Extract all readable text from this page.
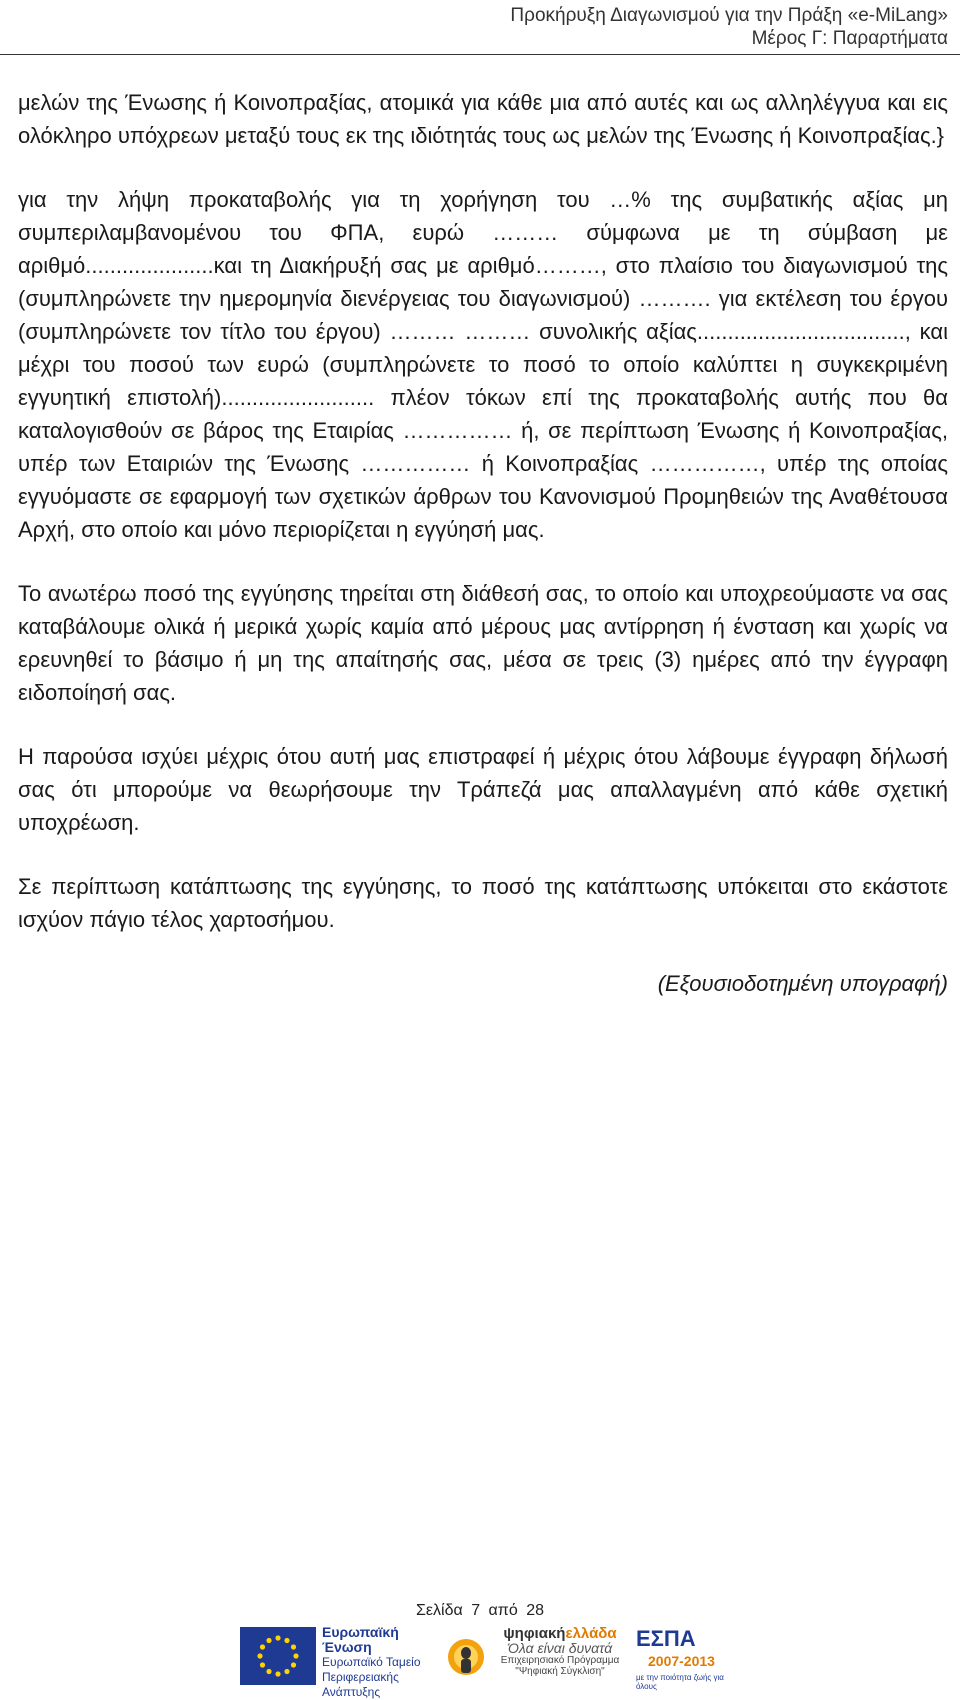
Προκήρυξη Διαγωνισμού για την Πράξη «e-MiLang»
Μέρος Γ: Παραρτήματα

μελών της Ένωσης ή Κοινοπραξίας, ατομικά για κάθε μια από αυτές και ως αλληλέγγυα και εις ολόκληρο υπόχρεων μεταξύ τους εκ της ιδιότητάς τους ως μελών της Ένωσης ή Κοινοπραξίας.}

για την λήψη προκαταβολής για τη χορήγηση του …% της συμβατικής αξίας μη συμπεριλαμβανομένου του ΦΠΑ, ευρώ ……… σύμφωνα με τη σύμβαση με αριθμό.....................και τη Διακήρυξή σας με αριθμό………, στο πλαίσιο του διαγωνισμού της (συμπληρώνετε την ημερομηνία διενέργειας του διαγωνισμού) ………. για εκτέλεση του έργου (συμπληρώνετε τον τίτλο του έργου) ……… ……… συνολικής αξίας.................................., και μέχρι του ποσού των ευρώ (συμπληρώνετε το ποσό το οποίο καλύπτει η συγκεκριμένη εγγυητική επιστολή)......................... πλέον τόκων επί της προκαταβολής αυτής που θα καταλογισθούν σε βάρος της Εταιρίας …………… ή, σε περίπτωση Ένωσης ή Κοινοπραξίας, υπέρ των Εταιριών της Ένωσης …………… ή Κοινοπραξίας ……………, υπέρ της οποίας εγγυόμαστε σε εφαρμογή των σχετικών άρθρων του Κανονισμού Προμηθειών της Αναθέτουσα Αρχή, στο οποίο και μόνο περιορίζεται η εγγύησή μας.

Το ανωτέρω ποσό της εγγύησης τηρείται στη διάθεσή σας, το οποίο και υποχρεούμαστε να σας καταβάλουμε ολικά ή μερικά χωρίς καμία από μέρους μας αντίρρηση ή ένσταση και χωρίς να ερευνηθεί το βάσιμο ή μη της απαίτησής σας, μέσα σε τρεις (3) ημέρες από την έγγραφη ειδοποίησή σας.

Η παρούσα ισχύει μέχρις ότου αυτή μας επιστραφεί ή μέχρις ότου λάβουμε έγγραφη δήλωσή σας ότι μπορούμε να θεωρήσουμε την Τράπεζά μας απαλλαγμένη από κάθε σχετική υποχρέωση.

Σε περίπτωση κατάπτωσης της εγγύησης, το ποσό της κατάπτωσης υπόκειται στο εκάστοτε ισχύον πάγιο τέλος χαρτοσήμου.

(Εξουσιοδοτημένη υπογραφή)
Σελίδα 7 από 28
Ευρωπαϊκή Ένωση
Ευρωπαϊκό Ταμείο
Περιφερειακής
Ανάπτυξης
ψηφιακήελλάδα
Όλα είναι δυνατά
Επιχειρησιακό Πρόγραμμα
"Ψηφιακή Σύγκλιση"
ΕΣΠΑ
2007-2013
με την ποιότητα ζωής για όλους
